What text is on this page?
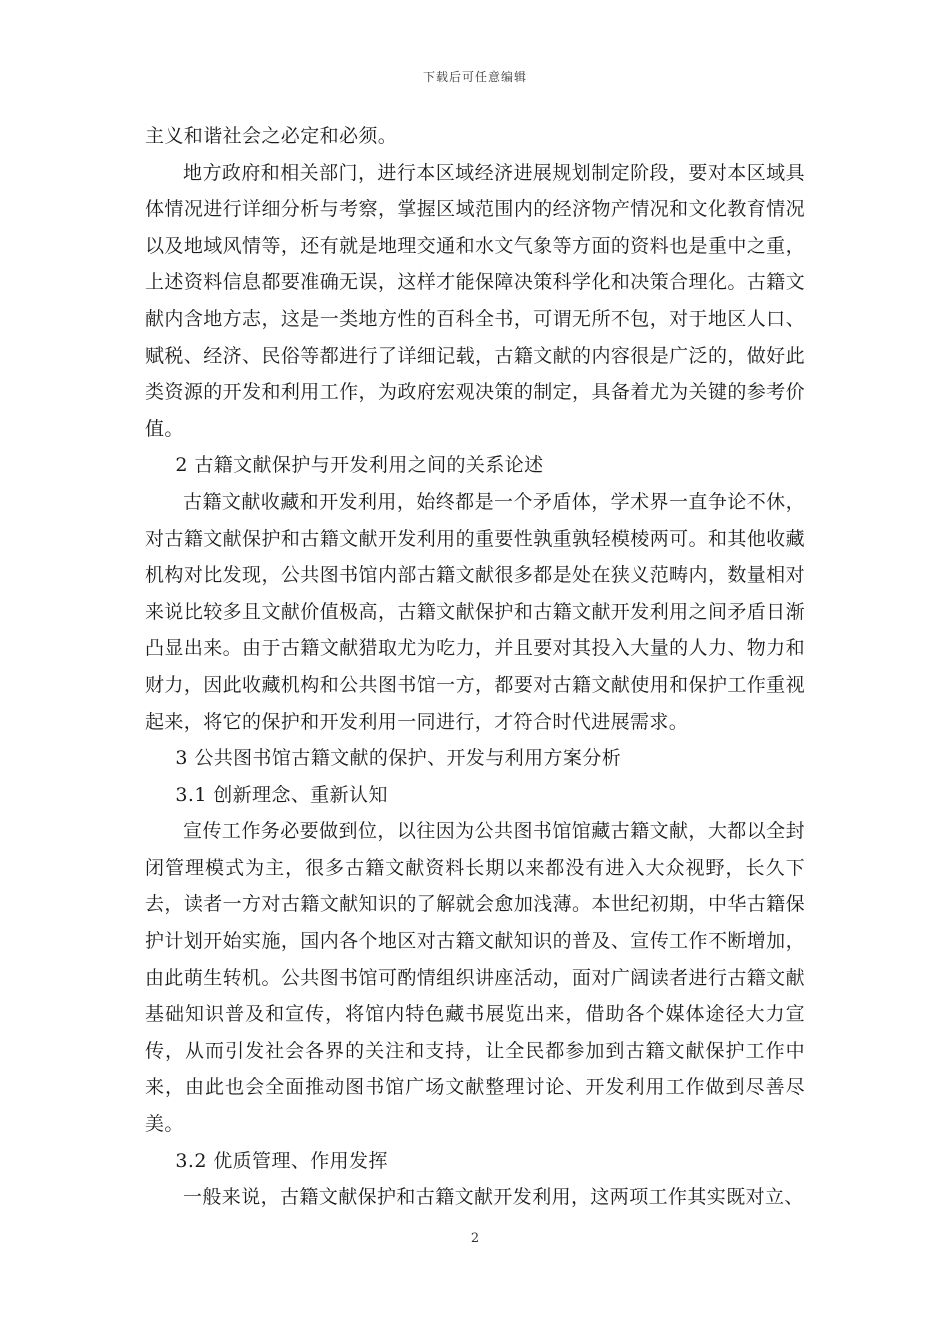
下载后可任意编辑

主义和谐社会之必定和必须。

地方政府和相关部门，进行本区域经济进展规划制定阶段，要对本区域具体情况进行详细分析与考察，掌握区域范围内的经济物产情况和文化教育情况以及地域风情等，还有就是地理交通和水文气象等方面的资料也是重中之重，上述资料信息都要准确无误，这样才能保障决策科学化和决策合理化。古籍文献内含地方志，这是一类地方性的百科全书，可谓无所不包，对于地区人口、赋税、经济、民俗等都进行了详细记载，古籍文献的内容很是广泛的，做好此类资源的开发和利用工作，为政府宏观决策的制定，具备着尤为关键的参考价值。

2 古籍文献保护与开发利用之间的关系论述

古籍文献收藏和开发利用，始终都是一个矛盾体，学术界一直争论不休，对古籍文献保护和古籍文献开发利用的重要性孰重孰轻模棱两可。和其他收藏机构对比发现，公共图书馆内部古籍文献很多都是处在狭义范畴内，数量相对来说比较多且文献价值极高，古籍文献保护和古籍文献开发利用之间矛盾日渐凸显出来。由于古籍文献猎取尤为吃力，并且要对其投入大量的人力、物力和财力，因此收藏机构和公共图书馆一方，都要对古籍文献使用和保护工作重视起来，将它的保护和开发利用一同进行，才符合时代进展需求。

3 公共图书馆古籍文献的保护、开发与利用方案分析

3.1 创新理念、重新认知

宣传工作务必要做到位，以往因为公共图书馆馆藏古籍文献，大都以全封闭管理模式为主，很多古籍文献资料长期以来都没有进入大众视野，长久下去，读者一方对古籍文献知识的了解就会愈加浅薄。本世纪初期，中华古籍保护计划开始实施，国内各个地区对古籍文献知识的普及、宣传工作不断增加，由此萌生转机。公共图书馆可酌情组织讲座活动，面对广阔读者进行古籍文献基础知识普及和宣传，将馆内特色藏书展览出来，借助各个媒体途径大力宣传，从而引发社会各界的关注和支持，让全民都参加到古籍文献保护工作中来，由此也会全面推动图书馆广场文献整理讨论、开发利用工作做到尽善尽美。

3.2 优质管理、作用发挥

一般来说，古籍文献保护和古籍文献开发利用，这两项工作其实既对立、

2
